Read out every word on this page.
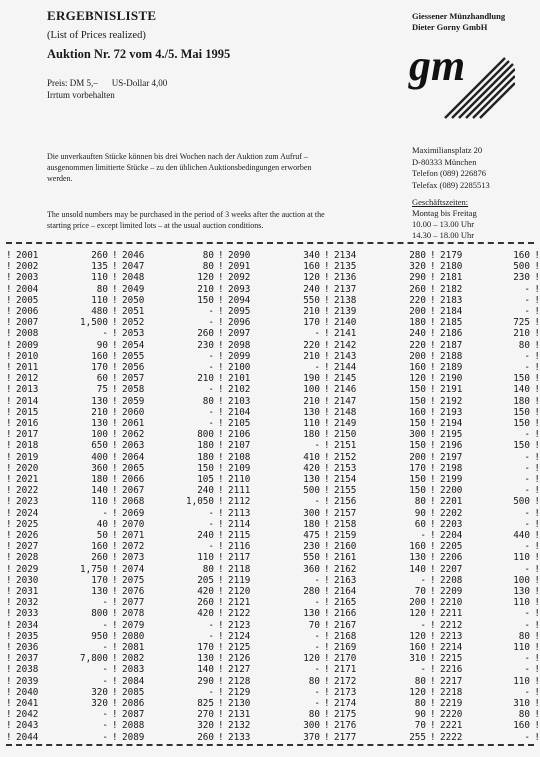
ERGEBNISLISTE
(List of Prices realized)
Auktion Nr. 72 vom 4./5. Mai 1995
Preis: DM 5,– US-Dollar 4,00
Irrtum vorbehalten
Die unverkauften Stücke können bis drei Wochen nach der Auktion zum Aufruf – ausgenommen limitierte Stücke – zu den üblichen Auktionsbedingungen erworben werden.
The unsold numbers may be purchased in the period of 3 weeks after the auction at the starting price – except limited lots – at the usual auction conditions.
Giessener Münzhandlung
Dieter Gorny GmbH
gm
Maximiliansplatz 20
D-80333 München
Telefon (089) 226876
Telefax (089) 2285513
Geschäftszeiten:
Montag bis Freitag
10.00 – 13.00 Uhr
14.30 – 18.00 Uhr
! 2001	260
! 2002	135
! 2003	110
! 2004	80
! 2005	110
! 2006	480
! 2007	1,500
! 2008	-
! 2009	90
! 2010	160
! 2011	170
! 2012	60
! 2013	75
! 2014	130
! 2015	210
! 2016	130
! 2017	100
! 2018	650
! 2019	400
! 2020	360
! 2021	180
! 2022	140
! 2023	110
! 2024	-
! 2025	40
! 2026	50
! 2027	160
! 2028	260
! 2029	1,750
! 2030	170
! 2031	130
! 2032	-
! 2033	800
! 2034	-
! 2035	950
! 2036	-
! 2037	7,800
! 2038	-
! 2039	-
! 2040	320
! 2041	320
! 2042	-
! 2043	-
! 2044	-
! 2046	80
! 2047	80
! 2048	120
! 2049	210
! 2050	150
! 2051	-
! 2052	-
! 2053	260
! 2054	230
! 2055	-
! 2056	-
! 2057	210
! 2058	-
! 2059	80
! 2060	-
! 2061	-
! 2062	800
! 2063	180
! 2064	180
! 2065	150
! 2066	105
! 2067	240
! 2068	1,050
! 2069	-
! 2070	-
! 2071	240
! 2072	-
! 2073	110
! 2074	80
! 2075	205
! 2076	420
! 2077	260
! 2078	420
! 2079	-
! 2080	-
! 2081	170
! 2082	130
! 2083	140
! 2084	290
! 2085	-
! 2086	825
! 2087	270
! 2088	320
! 2089	260
! 2090	340
! 2091	160
! 2092	120
! 2093	240
! 2094	550
! 2095	210
! 2096	170
! 2097	-
! 2098	220
! 2099	210
! 2100	-
! 2101	190
! 2102	100
! 2103	210
! 2104	130
! 2105	110
! 2106	180
! 2107	-
! 2108	410
! 2109	420
! 2110	130
! 2111	500
! 2112	-
! 2113	300
! 2114	180
! 2115	475
! 2116	230
! 2117	550
! 2118	360
! 2119	-
! 2120	280
! 2121	-
! 2122	130
! 2123	70
! 2124	-
! 2125	-
! 2126	120
! 2127	-
! 2128	80
! 2129	-
! 2130	-
! 2131	80
! 2132	300
! 2133	370
! 2134	280
! 2135	320
! 2136	290
! 2137	260
! 2138	220
! 2139	200
! 2140	180
! 2141	240
! 2142	220
! 2143	200
! 2144	160
! 2145	120
! 2146	150
! 2147	150
! 2148	160
! 2149	150
! 2150	300
! 2151	150
! 2152	200
! 2153	170
! 2154	150
! 2155	150
! 2156	80
! 2157	90
! 2158	60
! 2159	-
! 2160	160
! 2161	130
! 2162	140
! 2163	-
! 2164	70
! 2165	200
! 2166	120
! 2167	-
! 2168	120
! 2169	160
! 2170	310
! 2171	-
! 2172	80
! 2173	120
! 2174	80
! 2175	90
! 2176	70
! 2177	255
! 2179	160 !
! 2180	500 !
! 2181	230 !
! 2182	- !
! 2183	- !
! 2184	- !
! 2185	725 !
! 2186	210 !
! 2187	80 !
! 2188	- !
! 2189	- !
! 2190	150 !
! 2191	140 !
! 2192	180 !
! 2193	150 !
! 2194	150 !
! 2195	- !
! 2196	150 !
! 2197	- !
! 2198	- !
! 2199	- !
! 2200	- !
! 2201	500 !
! 2202	- !
! 2203	- !
! 2204	440 !
! 2205	- !
! 2206	110 !
! 2207	- !
! 2208	100 !
! 2209	130 !
! 2210	110 !
! 2211	- !
! 2212	- !
! 2213	80 !
! 2214	110 !
! 2215	- !
! 2216	- !
! 2217	110 !
! 2218	- !
! 2219	310 !
! 2220	80 !
! 2221	160 !
! 2222	- !
